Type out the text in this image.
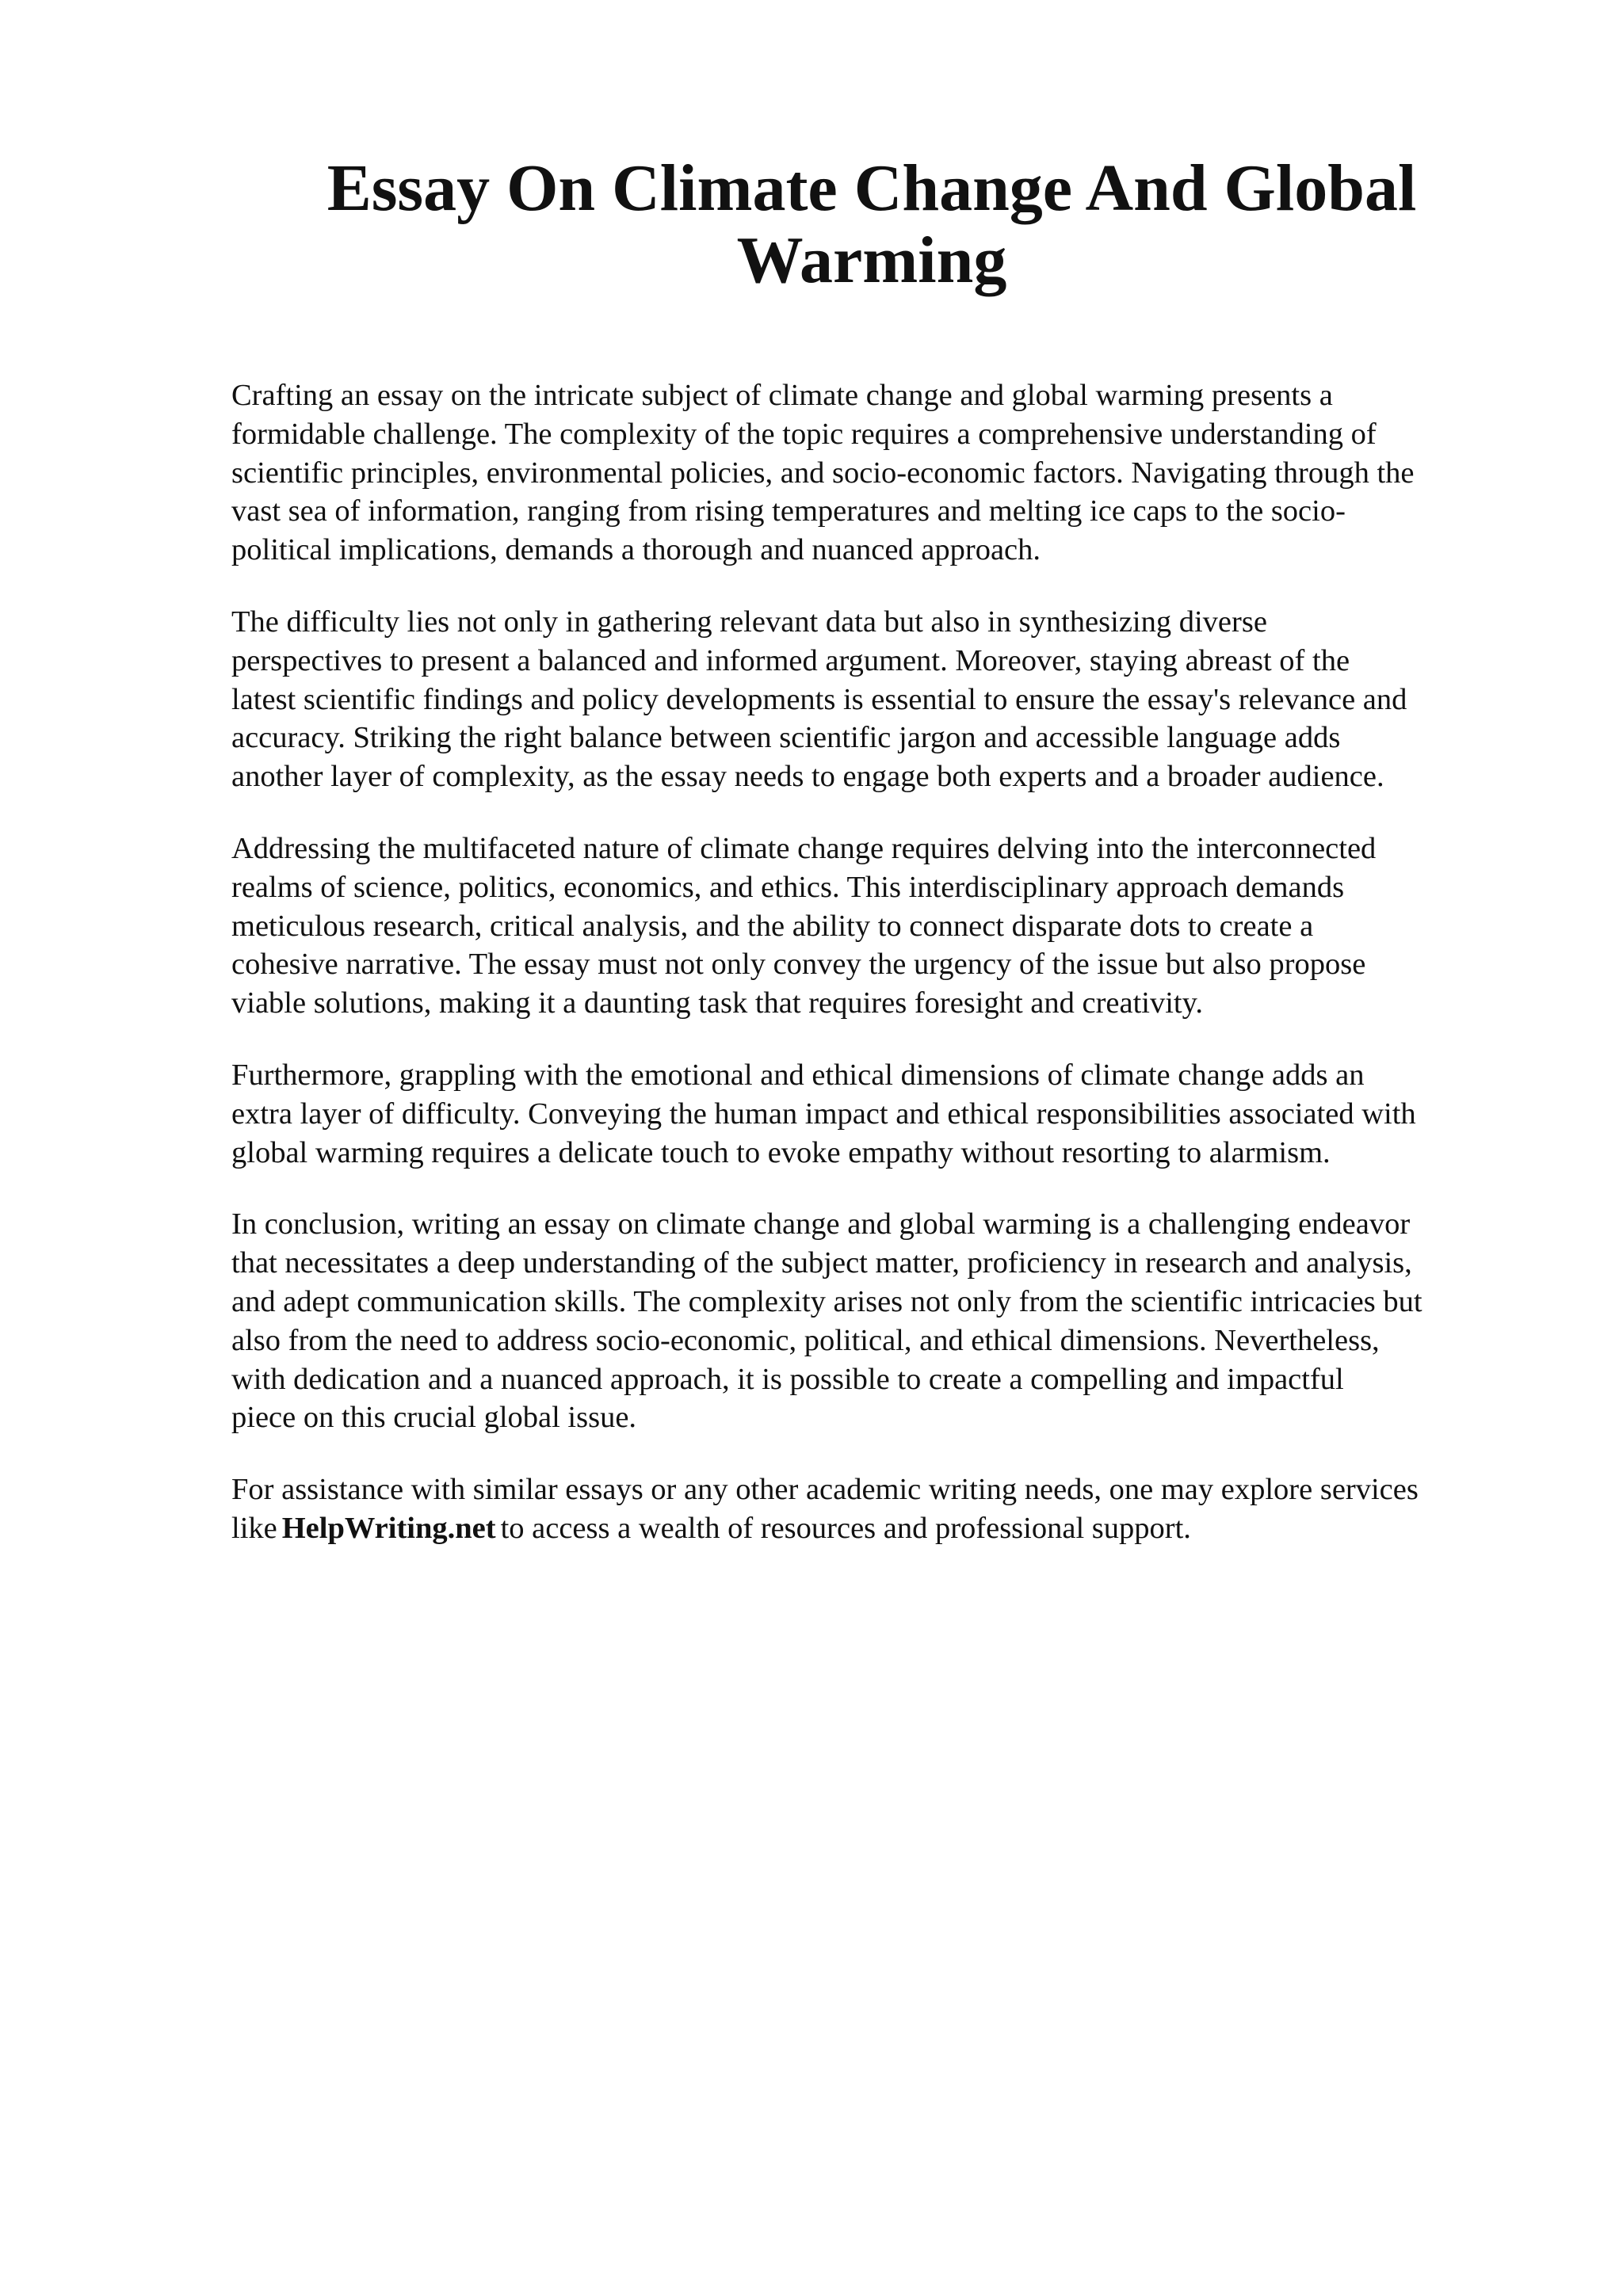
Essay On Climate Change And Global
Warming

Crafting an essay on the intricate subject of climate change and global warming presents a
formidable challenge. The complexity of the topic requires a comprehensive understanding of
scientific principles, environmental policies, and socio-economic factors. Navigating through the
vast sea of information, ranging from rising temperatures and melting ice caps to the socio-
political implications, demands a thorough and nuanced approach.

The difficulty lies not only in gathering relevant data but also in synthesizing diverse
perspectives to present a balanced and informed argument. Moreover, staying abreast of the
latest scientific findings and policy developments is essential to ensure the essay's relevance and
accuracy. Striking the right balance between scientific jargon and accessible language adds
another layer of complexity, as the essay needs to engage both experts and a broader audience.

Addressing the multifaceted nature of climate change requires delving into the interconnected
realms of science, politics, economics, and ethics. This interdisciplinary approach demands
meticulous research, critical analysis, and the ability to connect disparate dots to create a
cohesive narrative. The essay must not only convey the urgency of the issue but also propose
viable solutions, making it a daunting task that requires foresight and creativity.

Furthermore, grappling with the emotional and ethical dimensions of climate change adds an
extra layer of difficulty. Conveying the human impact and ethical responsibilities associated with
global warming requires a delicate touch to evoke empathy without resorting to alarmism.

In conclusion, writing an essay on climate change and global warming is a challenging endeavor
that necessitates a deep understanding of the subject matter, proficiency in research and analysis,
and adept communication skills. The complexity arises not only from the scientific intricacies but
also from the need to address socio-economic, political, and ethical dimensions. Nevertheless,
with dedication and a nuanced approach, it is possible to create a compelling and impactful
piece on this crucial global issue.

For assistance with similar essays or any other academic writing needs, one may explore services
like HelpWriting.net to access a wealth of resources and professional support.
